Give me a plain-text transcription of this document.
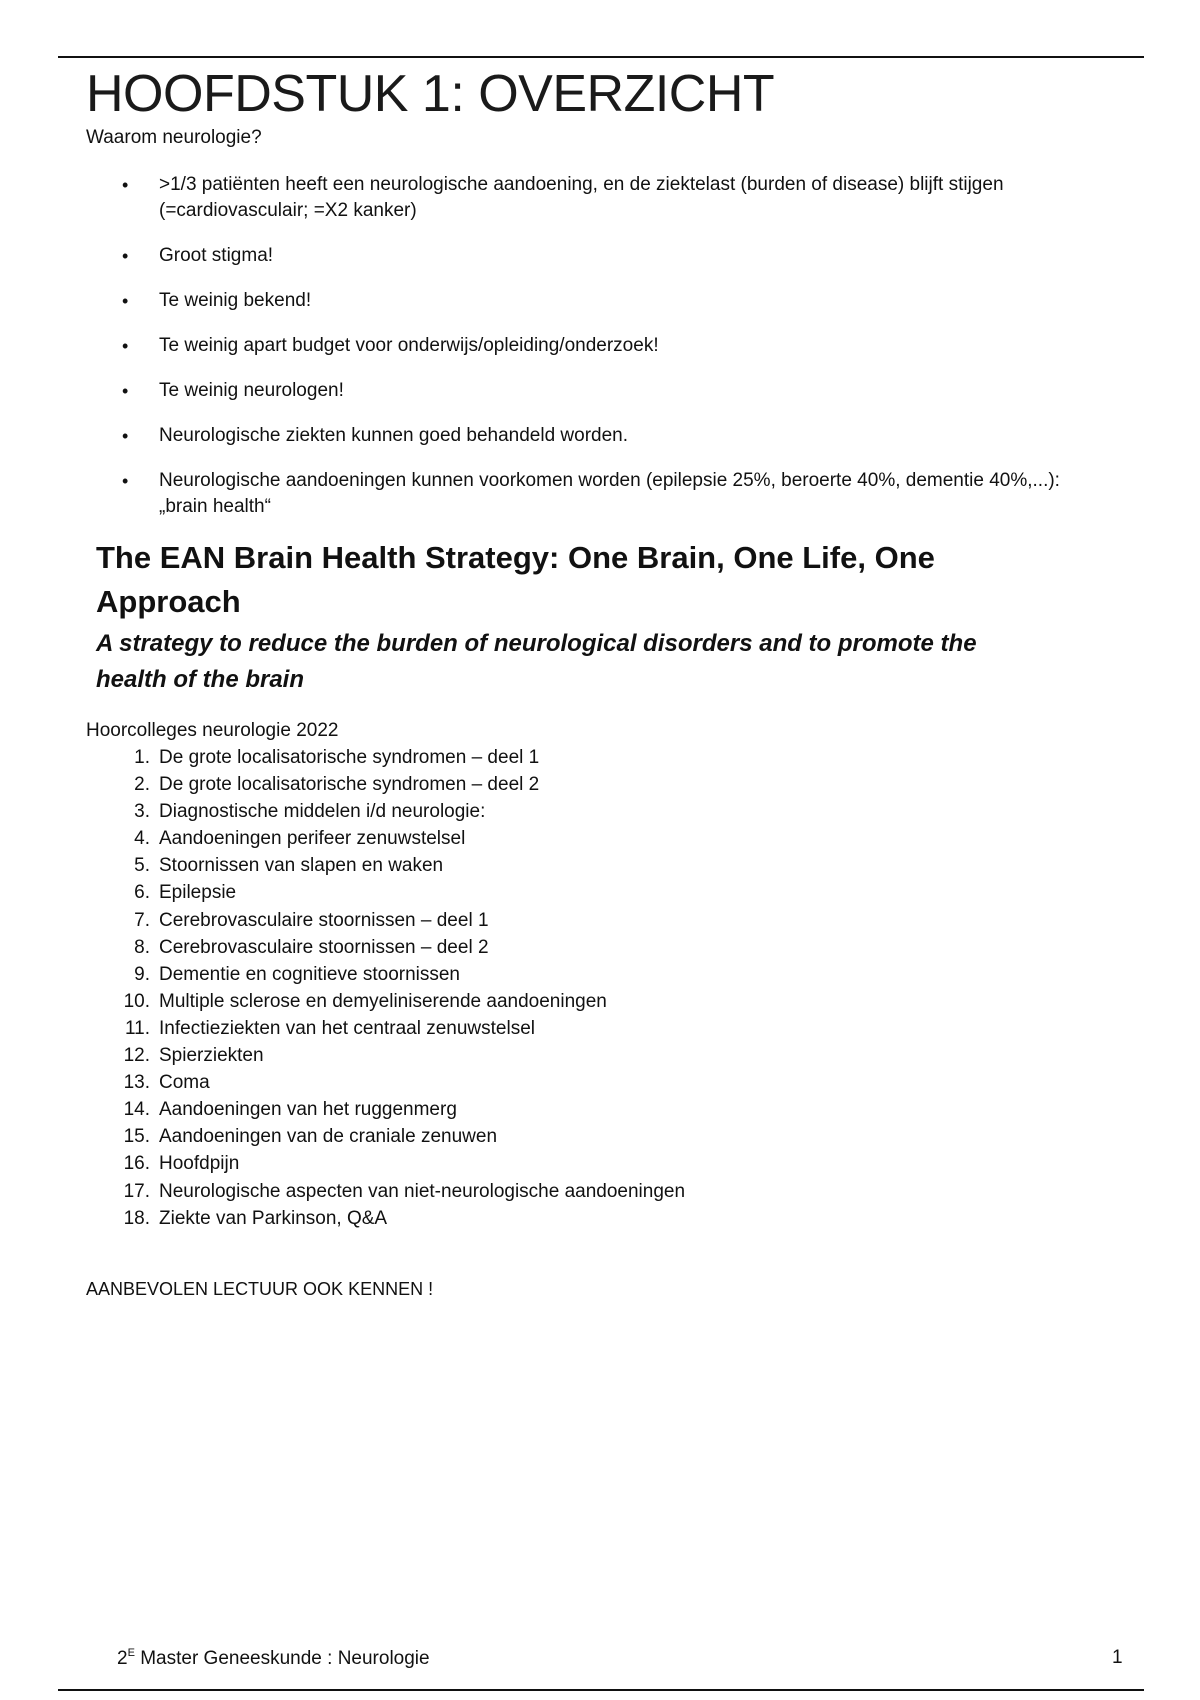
HOOFDSTUK 1: OVERZICHT

Waarom neurologie?

• >1/3 patiënten heeft een neurologische aandoening, en de ziektelast (burden of disease) blijft stijgen
(=cardiovasculair; =X2 kanker)
• Groot stigma!
• Te weinig bekend!
• Te weinig apart budget voor onderwijs/opleiding/onderzoek!
• Te weinig neurologen!
• Neurologische ziekten kunnen goed behandeld worden.
• Neurologische aandoeningen kunnen voorkomen worden (epilepsie 25%, beroerte 40%, dementie 40%,...):
„brain health“

The EAN Brain Health Strategy: One Brain, One Life, One
Approach

A strategy to reduce the burden of neurological disorders and to promote the
health of the brain

Hoorcolleges neurologie 2022

1. De grote localisatorische syndromen – deel 1
2. De grote localisatorische syndromen – deel 2
3. Diagnostische middelen i/d neurologie:
4. Aandoeningen perifeer zenuwstelsel
5. Stoornissen van slapen en waken
6. Epilepsie
7. Cerebrovasculaire stoornissen – deel 1
8. Cerebrovasculaire stoornissen – deel 2
9. Dementie en cognitieve stoornissen
10. Multiple sclerose en demyeliniserende aandoeningen
11. Infectieziekten van het centraal zenuwstelsel
12. Spierziekten
13. Coma
14. Aandoeningen van het ruggenmerg
15. Aandoeningen van de craniale zenuwen
16. Hoofdpijn
17. Neurologische aspecten van niet-neurologische aandoeningen
18. Ziekte van Parkinson, Q&A

AANBEVOLEN LECTUUR OOK KENNEN !

$2^E$ Master Geneeskunde : Neurologie	1
